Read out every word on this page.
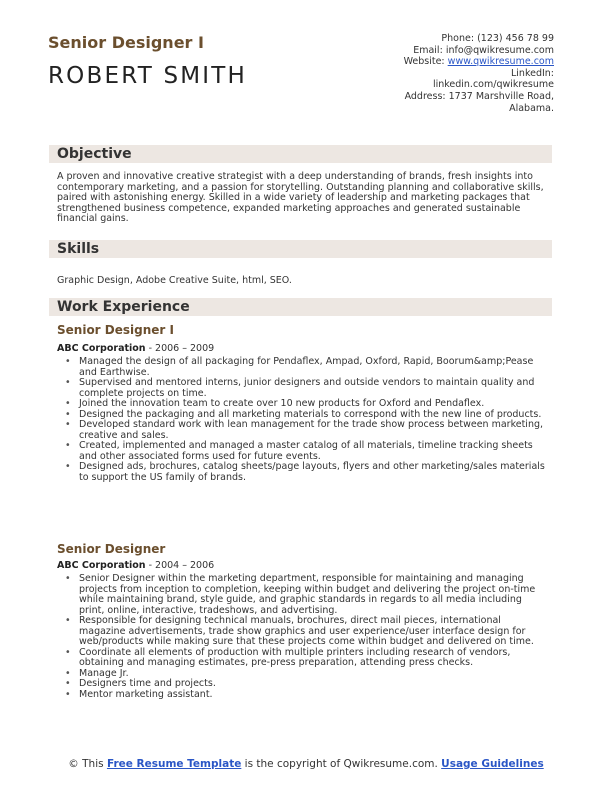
Senior Designer I
ROBERT SMITH
Phone: (123) 456 78 99
Email: info@qwikresume.com
Website: www.qwikresume.com
LinkedIn:
linkedin.com/qwikresume
Address: 1737 Marshville Road,
Alabama.
Objective
A proven and innovative creative strategist with a deep understanding of brands, fresh insights into contemporary marketing, and a passion for storytelling. Outstanding planning and collaborative skills, paired with astonishing energy. Skilled in a wide variety of leadership and marketing packages that strengthened business competence, expanded marketing approaches and generated sustainable financial gains.
Skills
Graphic Design, Adobe Creative Suite, html, SEO.
Work Experience
Senior Designer I
ABC Corporation - 2006 – 2009
• Managed the design of all packaging for Pendaflex, Ampad, Oxford, Rapid, Boorum&amp;Pease and Earthwise.
• Supervised and mentored interns, junior designers and outside vendors to maintain quality and complete projects on time.
• Joined the innovation team to create over 10 new products for Oxford and Pendaflex.
• Designed the packaging and all marketing materials to correspond with the new line of products.
• Developed standard work with lean management for the trade show process between marketing, creative and sales.
• Created, implemented and managed a master catalog of all materials, timeline tracking sheets and other associated forms used for future events.
• Designed ads, brochures, catalog sheets/page layouts, flyers and other marketing/sales materials to support the US family of brands.
Senior Designer
ABC Corporation - 2004 – 2006
• Senior Designer within the marketing department, responsible for maintaining and managing projects from inception to completion, keeping within budget and delivering the project on-time while maintaining brand, style guide, and graphic standards in regards to all media including print, online, interactive, tradeshows, and advertising.
• Responsible for designing technical manuals, brochures, direct mail pieces, international magazine advertisements, trade show graphics and user experience/user interface design for web/products while making sure that these projects come within budget and delivered on time.
• Coordinate all elements of production with multiple printers including research of vendors, obtaining and managing estimates, pre-press preparation, attending press checks.
• Manage Jr.
• Designers time and projects.
• Mentor marketing assistant.
© This Free Resume Template is the copyright of Qwikresume.com. Usage Guidelines
